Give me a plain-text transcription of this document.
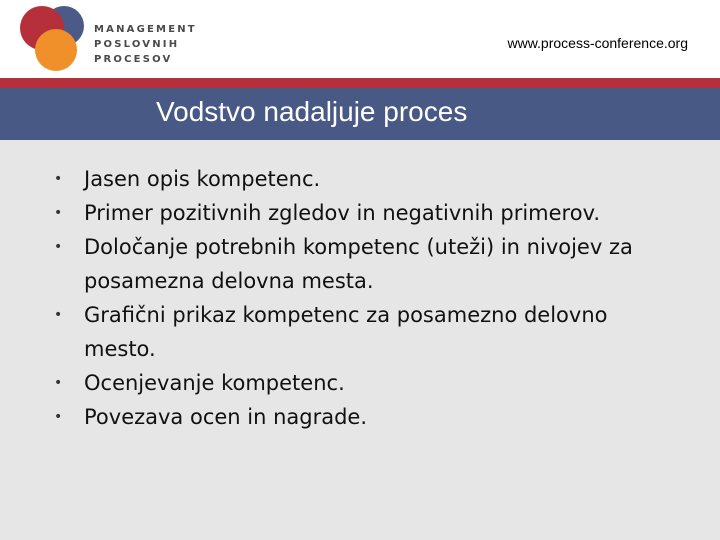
MANAGEMENT
POSLOVNIH
PROCESOV
www.process-conference.org
Vodstvo nadaljuje proces
• Jasen opis kompetenc.
• Primer pozitivnih zgledov in negativnih primerov.
• Določanje potrebnih kompetenc (uteži) in nivojev za posamezna delovna mesta.
• Grafični prikaz kompetenc za posamezno delovno mesto.
• Ocenjevanje kompetenc.
• Povezava ocen in nagrade.
